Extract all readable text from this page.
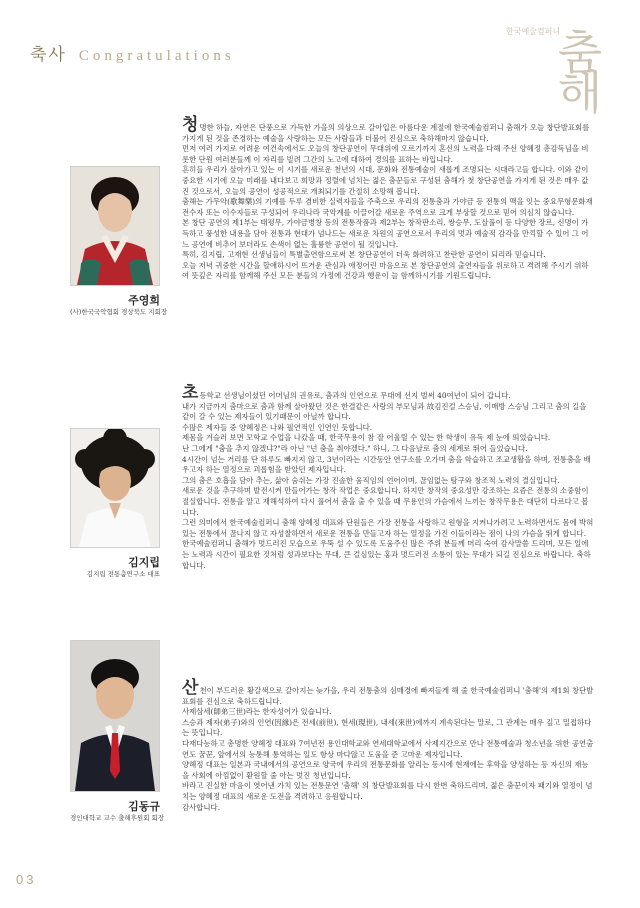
축사 Congratulations
한국예술컴퍼니
춤해
주영희
(사)한국국악협회 경상북도 지회장

청명한 하늘, 자연은 단풍으로 가득한 가을의 의상으로 갈아입은 아름다운 계절에 한국예술컴퍼니 춤해가 오늘 창단발표회를 가지게 된 것을 존경하는 예술을 사랑하는 모든 사람들과 더불어 진심으로 축하해마지 않습니다.

먼저 여러 가지로 어려운 여건속에서도 오늘의 창단공연이 무대위에 오르기까지 혼신의 노력을 다해 주신 양혜정 총감독님을 비롯한 단원 여러분들께 이 자리를 빌려 그간의 노고에 대하여 경의를 표하는 바입니다.

흔히들 우리가 살아가고 있는 이 시기를 새로운 천년의 시대, 문화와 전통예술이 새롭게 조명되는 시대라고들 합니다. 이와 같이 중요한 시기에 오늘 미래를 내다보고 희망과 정렬에 넘치는 젊은 춤꾼들로 구성된 춤해가 첫 창단공연을 가지게 된 것은 매우 값진 것으로서, 오늘의 공연이 성공적으로 개최되기를 간절히 소망해 봅니다.

춤해는 가무악(歌舞樂)의 기예를 두루 겸비한 실력자들을 주축으로 우리의 전통춤과 가야금 등 전통의 맥을 잇는 중요무형문화재 전수자 또는 이수자들로 구성되어 우리나라 국악계를 이끌어갈 새로운 주역으로 크게 부상할 것으로 믿어 의심치 않습니다.

본 창단 공연의 제1부는 태평무, 가야금병창 등의 전통작품과 제2부는 창작판소리, 쌍승무, 도살풀이 등 다양한 장르, 신명이 가득하고 풍성한 내용을 담아 전통과 현대가 넘나드는 새로운 차원의 공연으로서 우리의 멋과 예술적 감각을 만끽할 수 있어 그 어느 공연에 비추어 보더라도 손색이 없는 훌륭한 공연이 될 것입니다.

특히, 김지립, 고재현 선생님들이 특별출연함으로써 본 창단공연이 더욱 화려하고 찬란한 공연이 되리라 믿습니다.

오늘 저녁 귀중한 시간을 할애하시어 뜨거운 관심과 애정어린 마음으로 본 창단공연의 출연자들을 위로하고 격려해 주시기 위하여 뜻깊은 자리를 함께해 주신 모든 분들의 가정에 건강과 행운이 늘 함께하시기를 기원드립니다.

김지립
김지립 전통춤연구소 대표

초등학교 선생님이셨던 어머님의 권유로, 춤과의 인연으로 무대에 선지 벌써 40여년이 되어 갑니다.

내가 지금까지 춤마으로 춤과 함께 살아왔던 것은 한결같은 사랑의 부모님과 故김진걸 스승님, 이매방 스승님 그리고 춤의 길을 같이 갈 수 있는 제자들이 있기때문이 아닐까 합니다.

수많은 제자들 중 양혜정은 나와 필연적인 인연인 듯합니다.

제몸을 겨슬러 보면 모학교 수업을 나갔을 때, 한국무용이 참 잘 어울릴 수 있는 한 학생이 유독 제 눈에 띄었습니다.

난 그에게 "춤을 추지 않겠냐?"라 아닌 "넌 춤을 춰야겠다." 하니, 그 다음날로 춤의 세계로 뛰어 들었습니다.

4시간이 넘는 거리를 단 하루도 빠지지 않고, 3년이라는 시간동안 연구소를 오가며 춤을 학습하고 조교생활을 하며, 전통춤을 배우고자 하는 열정으로 괴롭힘을 받았던 제자입니다.

그의 춤은 호흡을 담아 추는, 삶아 숨쉬는 가장 진솔한 움직임의 언어이며, 끊임없는 탐구와 창조적 노력의 결실입니다.

새로운 것을 추구하며 발전시켜 만들어가는 창작 작업은 중요합니다. 하지만 창작의 중요성만 강조하는 요즘은 전통의 소중함이 절실합니다. 전통을 알고 재해석하여 다시 풀어서 춤을 출 수 있을 때 무용인의 가슴에서 느끼는 창작무용은 대단히 다르다고 봅니다.

그런 의미에서 한국예술컴퍼니 춤해 양혜정 대표와 단원들은 가장 전통을 사랑하고 원형을 지켜나가려고 노력하면서도 몸에 박혀있는 전통에서 끊나지 않고 자성찰하면서 새로운 전통을 만들고자 하는 열정을 가진 이들이라는 점이 나의 가슴을 뛰게 합니다.

한국예술컴퍼니 춤해가 멋드러진 모습으로 우뚝 설 수 있도록 도움주신 많은 주위 분들께 머리 숙여 감사말씀 드리며, 모든 일에는 노력과 시간이 필요한 것처럼 성과보다는 무대, 큰 걸심있는 홍과 멋드러진 소통이 있는 무대가 되길 진심으로 바랍니다. 축하합니다.

김동규
경인대학교 교수 출해후원회 회장

산천이 부드러운 황갈색으로 갈아지는 늦가을, 우리 전통춤의 심매경에 빠져들게 해 줄 한국예술컴퍼니 '춤해'의 제1회 창단발표회를 진심으로 축하드립니다.

사제삼세(師弟三世)라는 한자성어가 있습니다.

스승과 제자(弟子)와의 인연(因緣)은 전세(前世), 현세(現世), 내세(來世)에까지 계속된다는 말로, 그 관계는 매우 깊고 밀접하다는 뜻입니다.

다재다능하고 총명한 양혜정 대표와 7여년전 용인대학교와 연세대학교에서 사제지간으로 만나 전통예술과 청소년을 위한 공연출연도 꿈꾼, 앞에서의 능통해 통역하는 일도 항상 마다않고 도움을 준 고마운 제자입니다.

양혜정 대표는 일본과 국내에서의 공연으로 양국에 우리의 전통문화를 알리는 동시에 현재에는 후학을 양성하는 등 자신의 재능을 사회에 아낌없이 환원할 줄 아는 멋진 청년입니다.

바라고 진실한 마음이 엿어낸 가치 있는 전통문연 '춤해' 의 창단발표회를 다시 한번 축하드리며, 젊은 춤꾼이자 패기와 열정이 넘치는 양혜정 대표의 새로운 도전을 격려하고 응원합니다.

감사합니다.

03
